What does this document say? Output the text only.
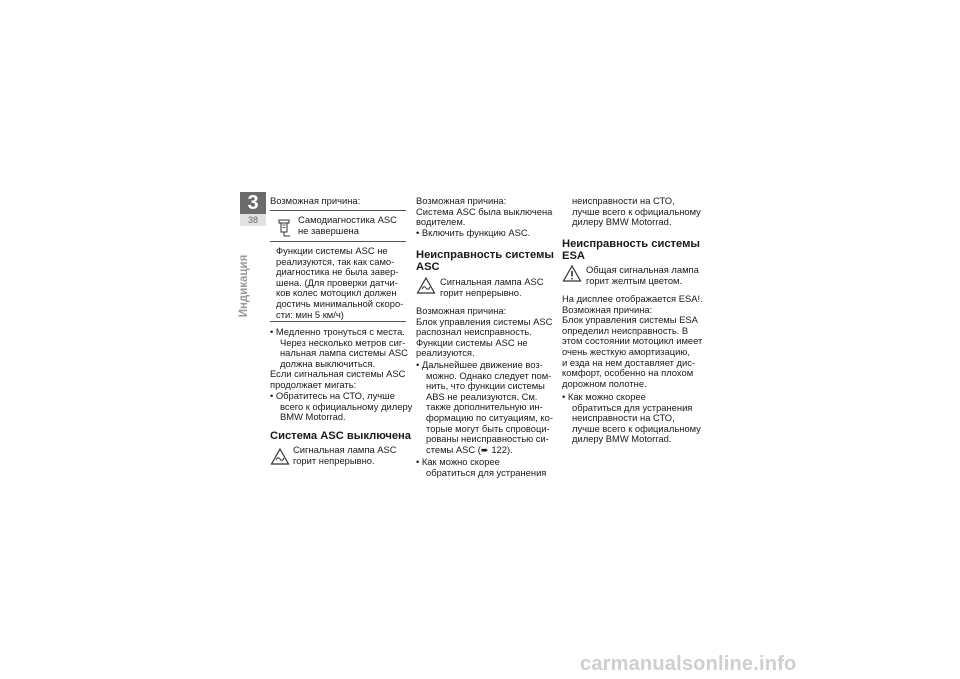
3
38
Индикация
Возможная причина:
Самодиагностика ASC
не завершена
Функции системы ASC не
реализуются, так как само-
диагностика не была завер-
шена. (Для проверки датчи-
ков колес мотоцикл должен
достичь минимальной скоро-
сти: мин 5 км/ч)
• Медленно тронуться с места.
Через несколько метров сиг-
нальная лампа системы ASC
должна выключиться.
Если сигнальная системы ASC
продолжает мигать:
• Обратитесь на СТО, лучше
всего к официальному дилеру
BMW Motorrad.
Система ASC выключена
Сигнальная лампа ASC
горит непрерывно.
Возможная причина:
Система ASC была выключена
водителем.
• Включить функцию ASC.
Неисправность системы
ASC
Сигнальная лампа ASC
горит непрерывно.
Возможная причина:
Блок управления системы ASC
распознал неисправность.
Функции системы ASC не
реализуются.
• Дальнейшее движение воз-
можно. Однако следует пом-
нить, что функции системы
ABS не реализуются. См.
также дополнительную ин-
формацию по ситуациям, ко-
торые могут быть спровоци-
рованы неисправностью си-
стемы ASC (➨ 122).
• Как можно скорее
обратиться для устранения
неисправности на СТО,
лучше всего к официальному
дилеру BMW Motorrad.
Неисправность системы
ESA
Общая сигнальная лампа
горит желтым цветом.
На дисплее отображается ESA!.
Возможная причина:
Блок управления системы ESA
определил неисправность. В
этом состоянии мотоцикл имеет
очень жесткую амортизацию,
и езда на нем доставляет дис-
комфорт, особенно на плохом
дорожном полотне.
• Как можно скорее
обратиться для устранения
неисправности на СТО,
лучше всего к официальному
дилеру BMW Motorrad.
carmanualsonline.info
